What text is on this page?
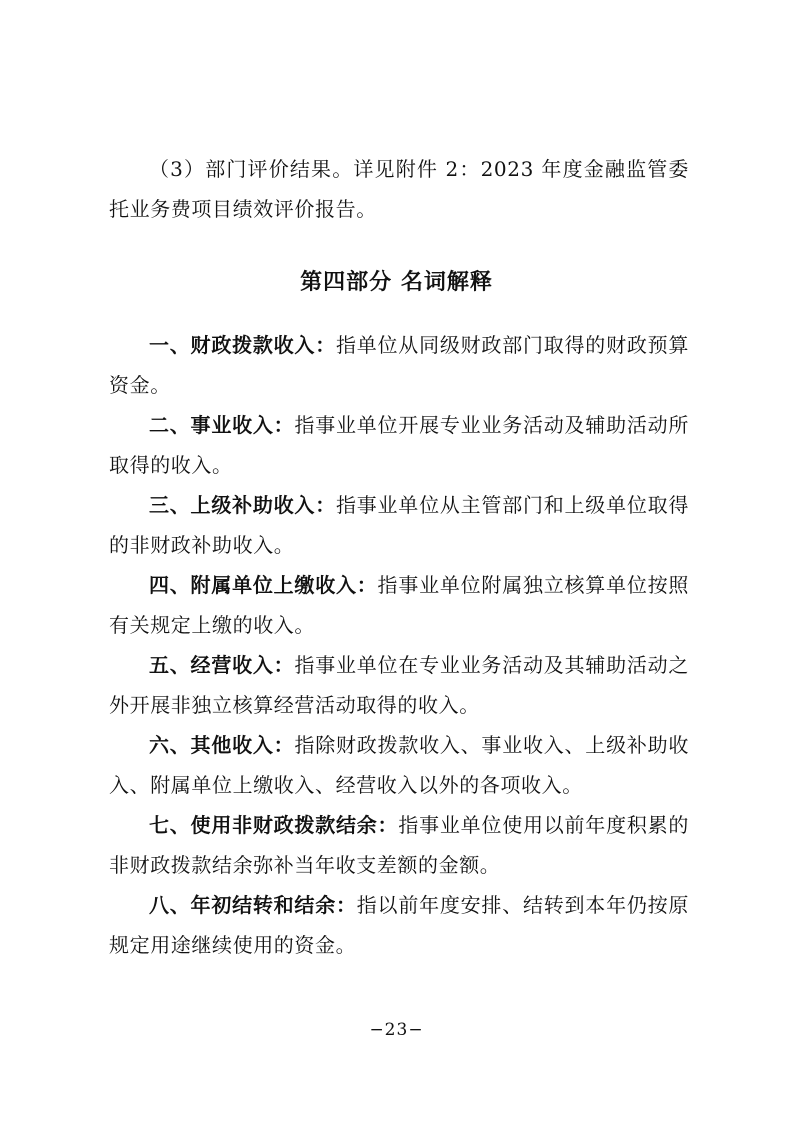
（3）部门评价结果。详见附件 2：2023 年度金融监管委托业务费项目绩效评价报告。

第四部分 名词解释

一、财政拨款收入：指单位从同级财政部门取得的财政预算资金。

二、事业收入：指事业单位开展专业业务活动及辅助活动所取得的收入。

三、上级补助收入：指事业单位从主管部门和上级单位取得的非财政补助收入。

四、附属单位上缴收入：指事业单位附属独立核算单位按照有关规定上缴的收入。

五、经营收入：指事业单位在专业业务活动及其辅助活动之外开展非独立核算经营活动取得的收入。

六、其他收入：指除财政拨款收入、事业收入、上级补助收入、附属单位上缴收入、经营收入以外的各项收入。

七、使用非财政拨款结余：指事业单位使用以前年度积累的非财政拨款结余弥补当年收支差额的金额。

八、年初结转和结余：指以前年度安排、结转到本年仍按原规定用途继续使用的资金。

−23−
